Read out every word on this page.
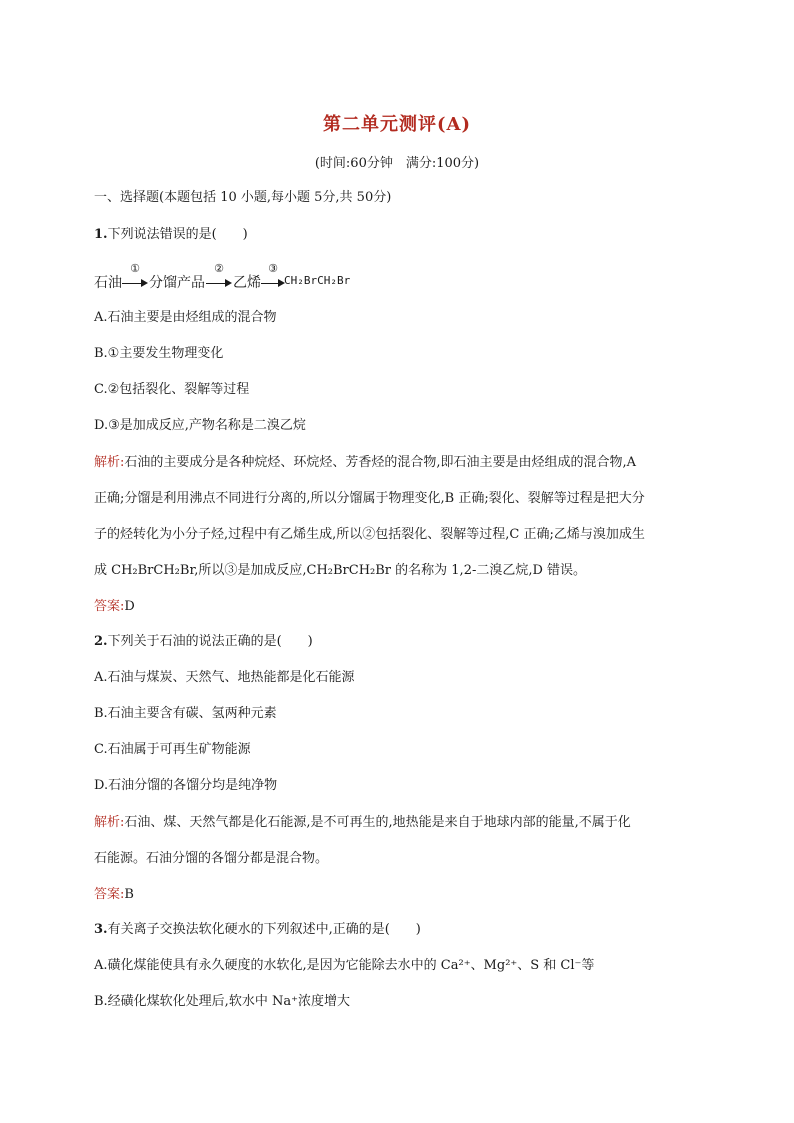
第二单元测评(A)
(时间:60分钟　满分:100分)
一、选择题(本题包括 10 小题,每小题 5分,共 50分)
1.下列说法错误的是(　　)
石油
①
分馏产品
②
乙烯
③
CH₂BrCH₂Br
A.石油主要是由烃组成的混合物
B.①主要发生物理变化
C.②包括裂化、裂解等过程
D.③是加成反应,产物名称是二溴乙烷
解析:石油的主要成分是各种烷烃、环烷烃、芳香烃的混合物,即石油主要是由烃组成的混合物,A
正确;分馏是利用沸点不同进行分离的,所以分馏属于物理变化,B 正确;裂化、裂解等过程是把大分
子的烃转化为小分子烃,过程中有乙烯生成,所以②包括裂化、裂解等过程,C 正确;乙烯与溴加成生
成 CH₂BrCH₂Br,所以③是加成反应,CH₂BrCH₂Br 的名称为 1,2-二溴乙烷,D 错误。
答案:D
2.下列关于石油的说法正确的是(　　)
A.石油与煤炭、天然气、地热能都是化石能源
B.石油主要含有碳、氢两种元素
C.石油属于可再生矿物能源
D.石油分馏的各馏分均是纯净物
解析:石油、煤、天然气都是化石能源,是不可再生的,地热能是来自于地球内部的能量,不属于化
石能源。石油分馏的各馏分都是混合物。
答案:B
3.有关离子交换法软化硬水的下列叙述中,正确的是(　　)
A.磺化煤能使具有永久硬度的水软化,是因为它能除去水中的 Ca²⁺、Mg²⁺、S 和 Cl⁻等
B.经磺化煤软化处理后,软水中 Na⁺浓度增大
